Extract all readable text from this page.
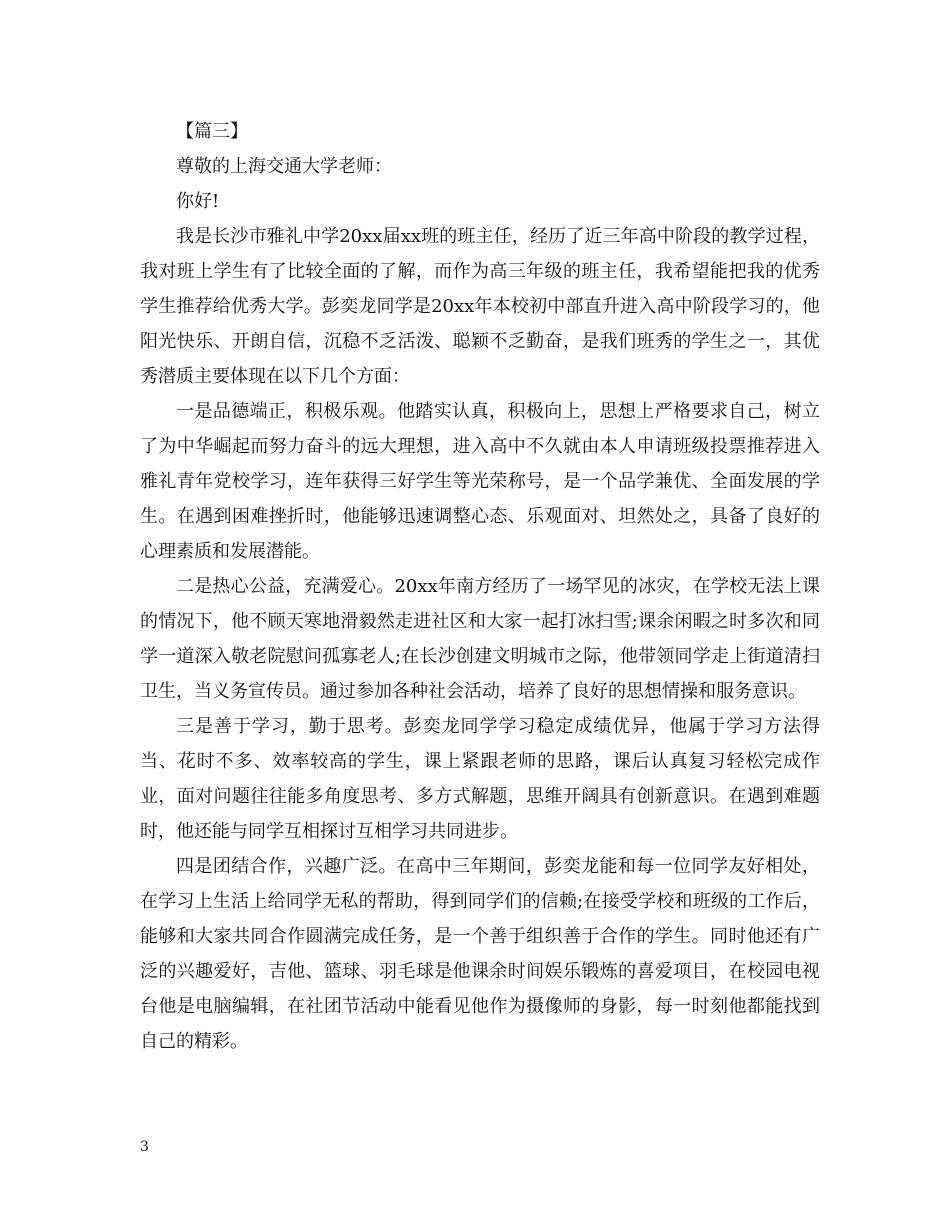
【篇三】
尊敬的上海交通大学老师：
你好!

我是长沙市雅礼中学20xx届xx班的班主任，经历了近三年高中阶段的教学过程，我对班上学生有了比较全面的了解，而作为高三年级的班主任，我希望能把我的优秀学生推荐给优秀大学。彭奕龙同学是20xx年本校初中部直升进入高中阶段学习的，他阳光快乐、开朗自信，沉稳不乏活泼、聪颖不乏勤奋，是我们班秀的学生之一，其优秀潜质主要体现在以下几个方面：

一是品德端正，积极乐观。他踏实认真，积极向上，思想上严格要求自己，树立了为中华崛起而努力奋斗的远大理想，进入高中不久就由本人申请班级投票推荐进入雅礼青年党校学习，连年获得三好学生等光荣称号，是一个品学兼优、全面发展的学生。在遇到困难挫折时，他能够迅速调整心态、乐观面对、坦然处之，具备了良好的心理素质和发展潜能。

二是热心公益，充满爱心。20xx年南方经历了一场罕见的冰灾，在学校无法上课的情况下，他不顾天寒地滑毅然走进社区和大家一起打冰扫雪;课余闲暇之时多次和同学一道深入敬老院慰问孤寡老人;在长沙创建文明城市之际，他带领同学走上街道清扫卫生，当义务宣传员。通过参加各种社会活动，培养了良好的思想情操和服务意识。

三是善于学习，勤于思考。彭奕龙同学学习稳定成绩优异，他属于学习方法得当、花时不多、效率较高的学生，课上紧跟老师的思路，课后认真复习轻松完成作业，面对问题往往能多角度思考、多方式解题，思维开阔具有创新意识。在遇到难题时，他还能与同学互相探讨互相学习共同进步。

四是团结合作，兴趣广泛。在高中三年期间，彭奕龙能和每一位同学友好相处，在学习上生活上给同学无私的帮助，得到同学们的信赖;在接受学校和班级的工作后，能够和大家共同合作圆满完成任务，是一个善于组织善于合作的学生。同时他还有广泛的兴趣爱好，吉他、篮球、羽毛球是他课余时间娱乐锻炼的喜爱项目，在校园电视台他是电脑编辑，在社团节活动中能看见他作为摄像师的身影，每一时刻他都能找到自己的精彩。

3
